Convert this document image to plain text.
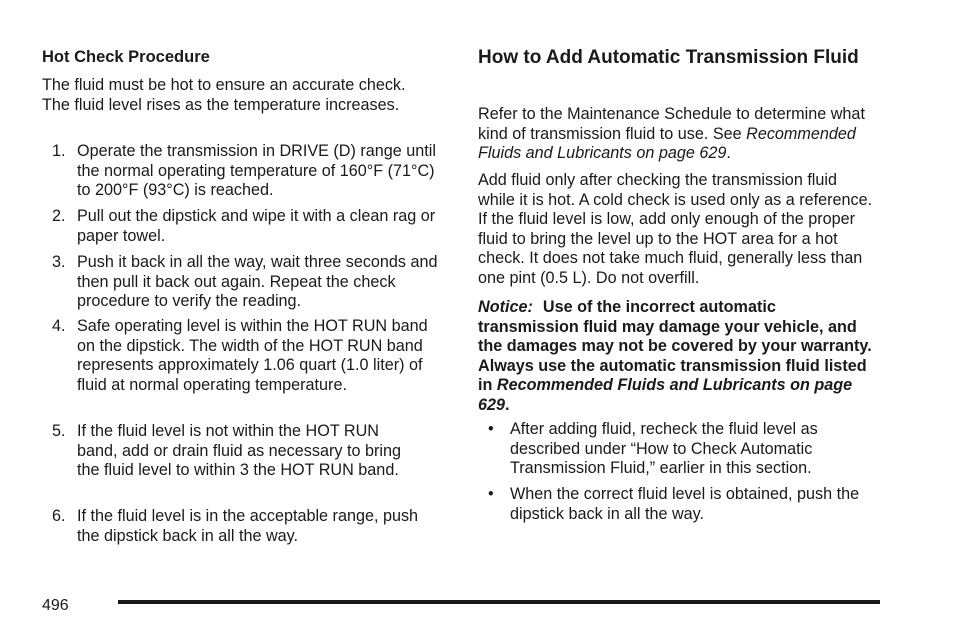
Hot Check Procedure

The fluid must be hot to ensure an accurate check. The fluid level rises as the temperature increases.

1. Operate the transmission in DRIVE (D) range until the normal operating temperature of 160°F (71°C) to 200°F (93°C) is reached.
2. Pull out the dipstick and wipe it with a clean rag or paper towel.
3. Push it back in all the way, wait three seconds and then pull it back out again. Repeat the check procedure to verify the reading.
4. Safe operating level is within the HOT RUN band on the dipstick. The width of the HOT RUN band represents approximately 1.06 quart (1.0 liter) of fluid at normal operating temperature.
5. If the fluid level is not within the HOT RUN band, add or drain fluid as necessary to bring the fluid level to within 3 the HOT RUN band.
6. If the fluid level is in the acceptable range, push the dipstick back in all the way.
How to Add Automatic Transmission Fluid

Refer to the Maintenance Schedule to determine what kind of transmission fluid to use. See Recommended Fluids and Lubricants on page 629.

Add fluid only after checking the transmission fluid while it is hot. A cold check is used only as a reference. If the fluid level is low, add only enough of the proper fluid to bring the level up to the HOT area for a hot check. It does not take much fluid, generally less than one pint (0.5 L). Do not overfill.

Notice: Use of the incorrect automatic transmission fluid may damage your vehicle, and the damages may not be covered by your warranty. Always use the automatic transmission fluid listed in Recommended Fluids and Lubricants on page 629.

• After adding fluid, recheck the fluid level as described under “How to Check Automatic Transmission Fluid,” earlier in this section.
• When the correct fluid level is obtained, push the dipstick back in all the way.
496
